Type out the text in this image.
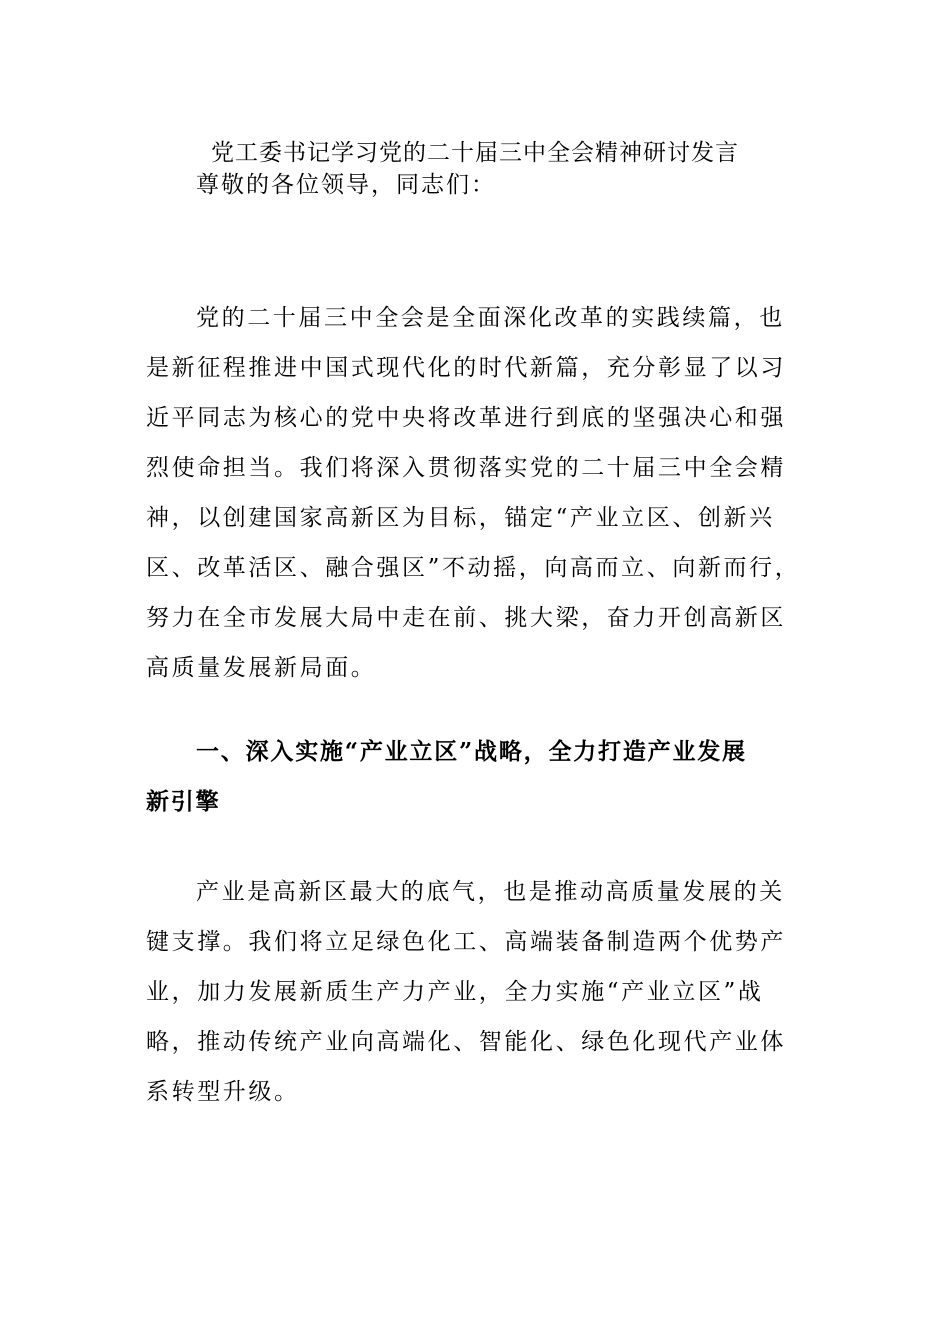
党工委书记学习党的二十届三中全会精神研讨发言
尊敬的各位领导，同志们：
党的二十届三中全会是全面深化改革的实践续篇，也
是新征程推进中国式现代化的时代新篇，充分彰显了以习
近平同志为核心的党中央将改革进行到底的坚强决心和强
烈使命担当。我们将深入贯彻落实党的二十届三中全会精
神，以创建国家高新区为目标，锚定“产业立区、创新兴
区、改革活区、融合强区”不动摇，向高而立、向新而行，
努力在全市发展大局中走在前、挑大梁，奋力开创高新区
高质量发展新局面。
一、深入实施“产业立区”战略，全力打造产业发展
新引擎
产业是高新区最大的底气，也是推动高质量发展的关
键支撑。我们将立足绿色化工、高端装备制造两个优势产
业，加力发展新质生产力产业，全力实施“产业立区”战
略，推动传统产业向高端化、智能化、绿色化现代产业体
系转型升级。
